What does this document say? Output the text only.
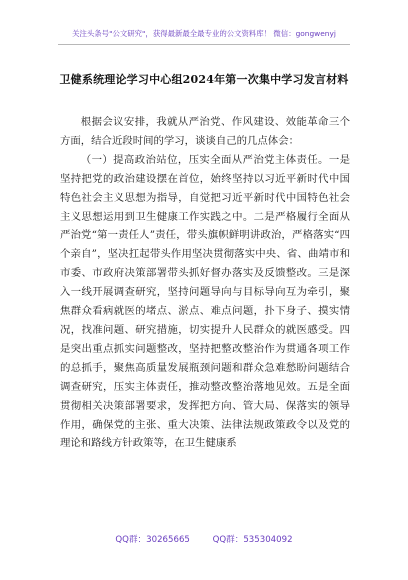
关注头条号"公文研究"，获得最新最全最专业的公文资料库！ 微信：gongwenyj
卫健系统理论学习中心组2024年第一次集中学习发言材料

根据会议安排，我就从严治党、作风建设、效能革命三个方面，结合近段时间的学习，谈谈自己的几点体会：

（一）提高政治站位，压实全面从严治党主体责任。一是坚持把党的政治建设摆在首位，始终坚持以习近平新时代中国特色社会主义思想为指导，自觉把习近平新时代中国特色社会主义思想运用到卫生健康工作实践之中。二是严格履行全面从严治党“第一责任人”责任，带头旗帜鲜明讲政治，严格落实“四个亲自”，坚决扛起带头作用坚决贯彻落实中央、省、曲靖市和市委、市政府决策部署带头抓好督办落实及反馈整改。三是深入一线开展调查研究，坚持问题导向与目标导向互为牵引，聚焦群众看病就医的堵点、淤点、难点问题，扑下身子、摸实情况，找准问题、研究措施，切实提升人民群众的就医感受。四是突出重点抓实问题整改，坚持把整改整治作为贯通各项工作的总抓手，聚焦高质量发展瓶颈问题和群众急难愁盼问题结合调查研究，压实主体责任，推动整改整治落地见效。五是全面贯彻相关决策部署要求，发挥把方向、管大局、保落实的领导作用，确保党的主张、重大决策、法律法规政策政令以及党的理论和路线方针政策等，在卫生健康系

QQ群：30265665	QQ群：535304092
